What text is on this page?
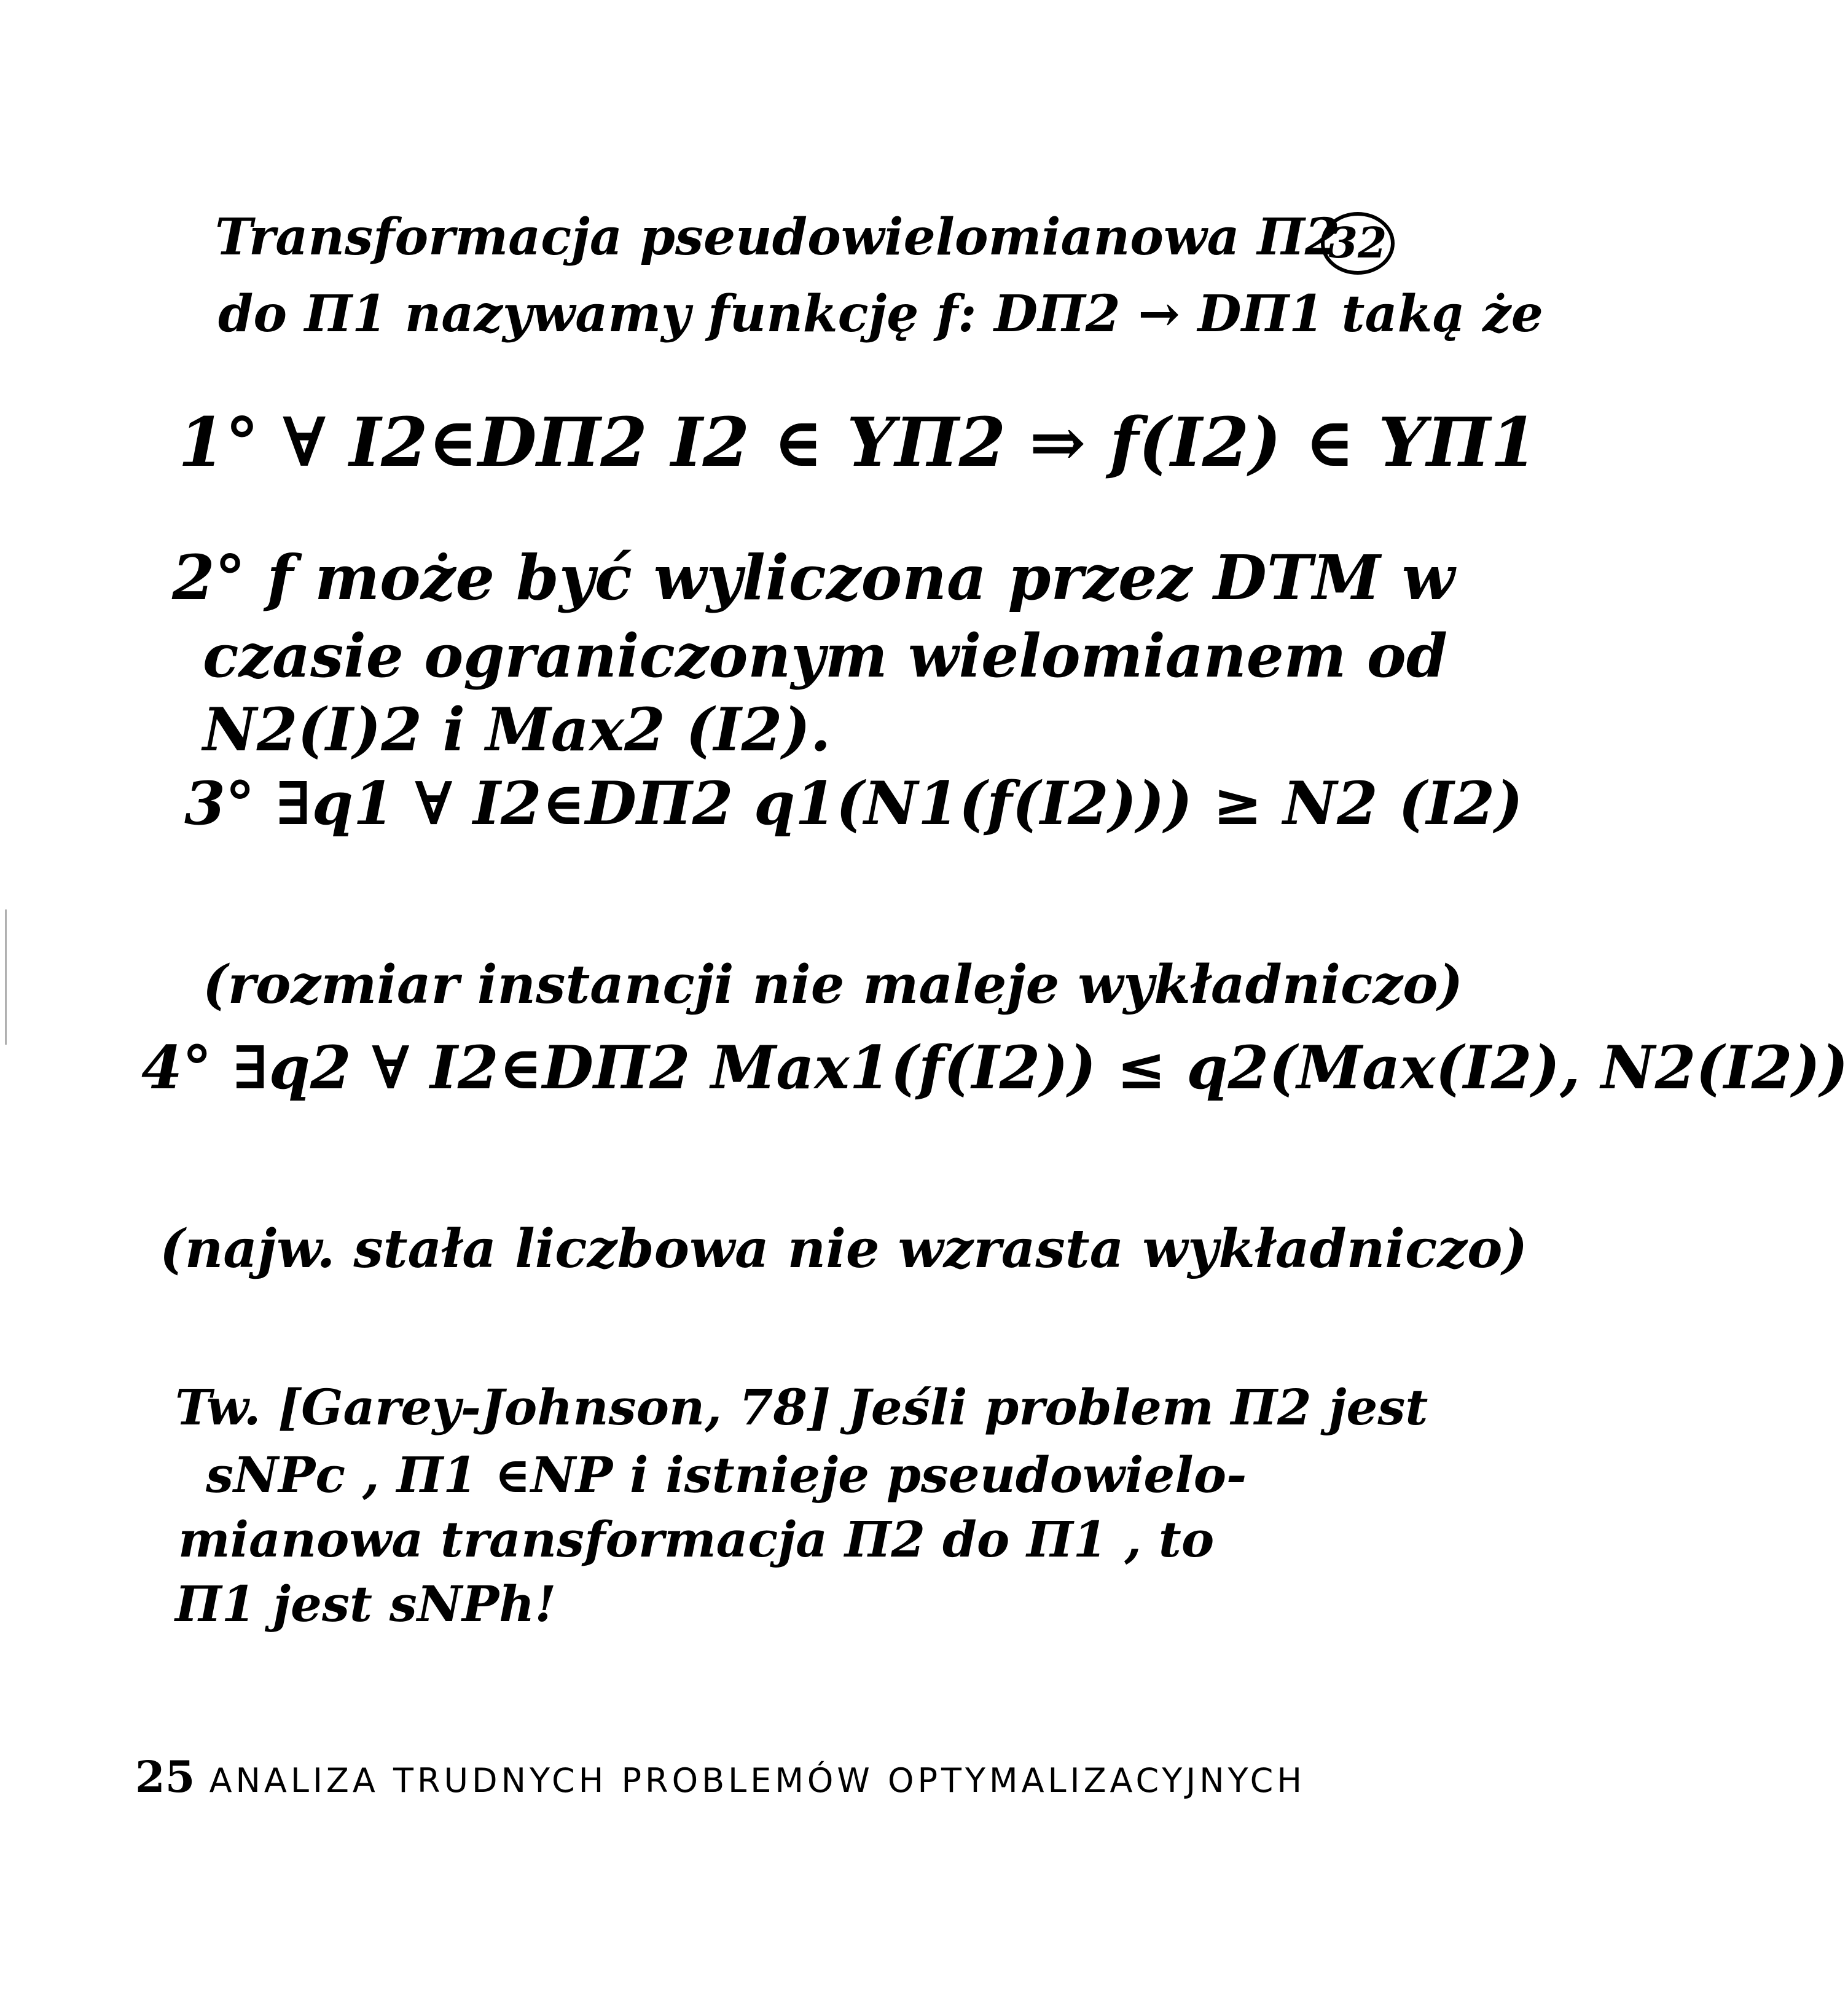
32
Transformacja pseudowielomianowa Π2
do Π1 nazywamy funkcję f: DΠ2 → DΠ1 taką że
1° ∀ I2∈DΠ2 I2 ∈ YΠ2 ⇒ f(I2) ∈ YΠ1
2° f może być wyliczona przez DTM w
czasie ograniczonym wielomianem od
N2(I)2 i Max2 (I2).
3° ∃q1 ∀ I2∈DΠ2 q1(N1(f(I2))) ≥ N2 (I2)
(rozmiar instancji nie maleje wykładniczo)
4° ∃q2 ∀ I2∈DΠ2 Max1(f(I2)) ≤ q2(Max(I2), N2(I2))
(najw. stała liczbowa nie wzrasta wykładniczo)
Tw. [Garey-Johnson, 78] Jeśli problem Π2 jest
sNPc , Π1 ∈NP i istnieje pseudowielo-
mianowa transformacja Π2 do Π1 , to
Π1 jest sNPh!
25 ANALIZA TRUDNYCH PROBLEMÓW OPTYMALIZACYJNYCH
